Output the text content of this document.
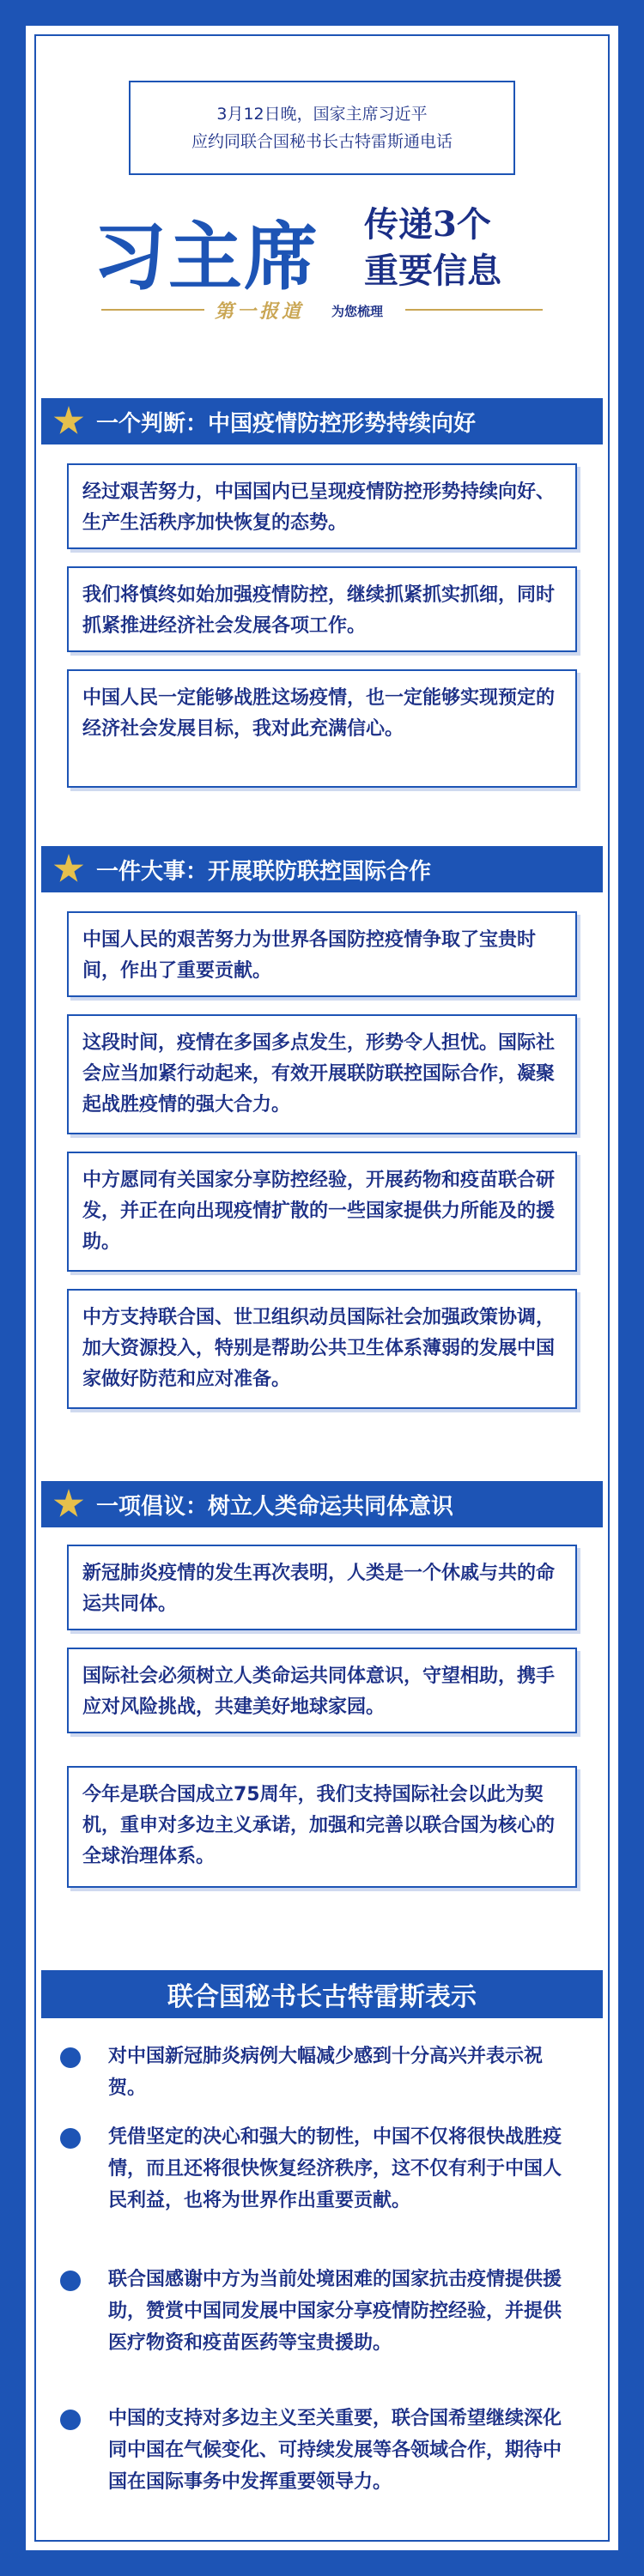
3月12日晚，国家主席习近平
应约同联合国秘书长古特雷斯通电话
习主席 传递3个
重要信息
第一报道 为您梳理
一个判断：中国疫情防控形势持续向好
经过艰苦努力，中国国内已呈现疫情防控形势持续向好、生产生活秩序加快恢复的态势。
我们将慎终如始加强疫情防控，继续抓紧抓实抓细，同时抓紧推进经济社会发展各项工作。
中国人民一定能够战胜这场疫情，也一定能够实现预定的经济社会发展目标，我对此充满信心。
一件大事：开展联防联控国际合作
中国人民的艰苦努力为世界各国防控疫情争取了宝贵时间，作出了重要贡献。
这段时间，疫情在多国多点发生，形势令人担忧。国际社会应当加紧行动起来，有效开展联防联控国际合作，凝聚起战胜疫情的强大合力。
中方愿同有关国家分享防控经验，开展药物和疫苗联合研发，并正在向出现疫情扩散的一些国家提供力所能及的援助。
中方支持联合国、世卫组织动员国际社会加强政策协调，加大资源投入，特别是帮助公共卫生体系薄弱的发展中国家做好防范和应对准备。
一项倡议：树立人类命运共同体意识
新冠肺炎疫情的发生再次表明，人类是一个休戚与共的命运共同体。
国际社会必须树立人类命运共同体意识，守望相助，携手应对风险挑战，共建美好地球家园。
今年是联合国成立75周年，我们支持国际社会以此为契机，重申对多边主义承诺，加强和完善以联合国为核心的全球治理体系。
联合国秘书长古特雷斯表示
对中国新冠肺炎病例大幅减少感到十分高兴并表示祝贺。
凭借坚定的决心和强大的韧性，中国不仅将很快战胜疫情，而且还将很快恢复经济秩序，这不仅有利于中国人民利益，也将为世界作出重要贡献。
联合国感谢中方为当前处境困难的国家抗击疫情提供援助，赞赏中国同发展中国家分享疫情防控经验，并提供医疗物资和疫苗医药等宝贵援助。
中国的支持对多边主义至关重要，联合国希望继续深化同中国在气候变化、可持续发展等各领域合作，期待中国在国际事务中发挥重要领导力。
